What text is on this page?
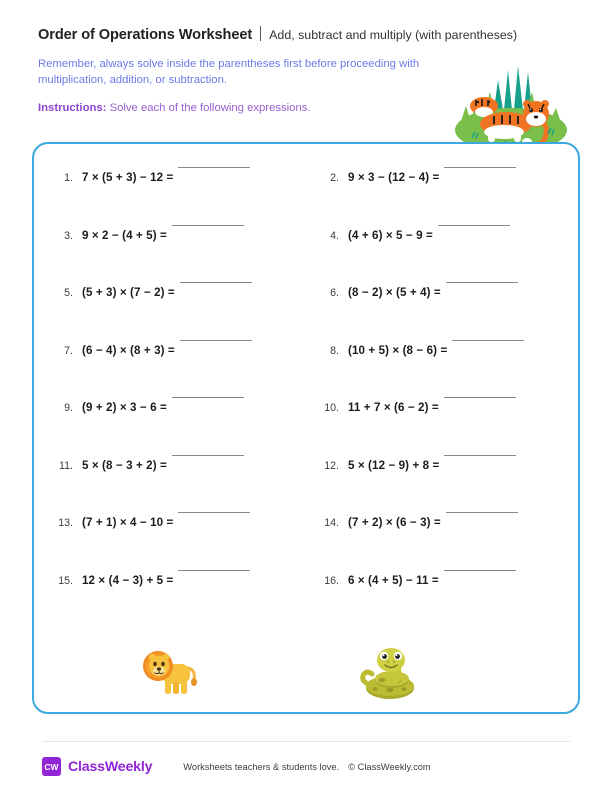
Order of Operations Worksheet Add, subtract and multiply (with parentheses)
Remember, always solve inside the parentheses first before proceeding with multiplication, addition, or subtraction.
Instructions: Solve each of the following expressions.
1. 7 × (5 + 3) − 12 =	2. 9 × 3 − (12 − 4) =
3. 9 × 2 − (4 + 5) =	4. (4 + 6) × 5 − 9 =
5. (5 + 3) × (7 − 2) =	6. (8 − 2) × (5 + 4) =
7. (6 − 4) × (8 + 3) =	8. (10 + 5) × (8 − 6) =
9. (9 + 2) × 3 − 6 =	10. 11 + 7 × (6 − 2) =
11. 5 × (8 − 3 + 2) =	12. 5 × (12 − 9) + 8 =
13. (7 + 1) × 4 − 10 =	14. (7 + 2) × (6 − 3) =
15. 12 × (4 − 3) + 5 =	16. 6 × (4 + 5) − 11 =
CW ClassWeekly	Worksheets teachers & students love. © ClassWeekly.com
